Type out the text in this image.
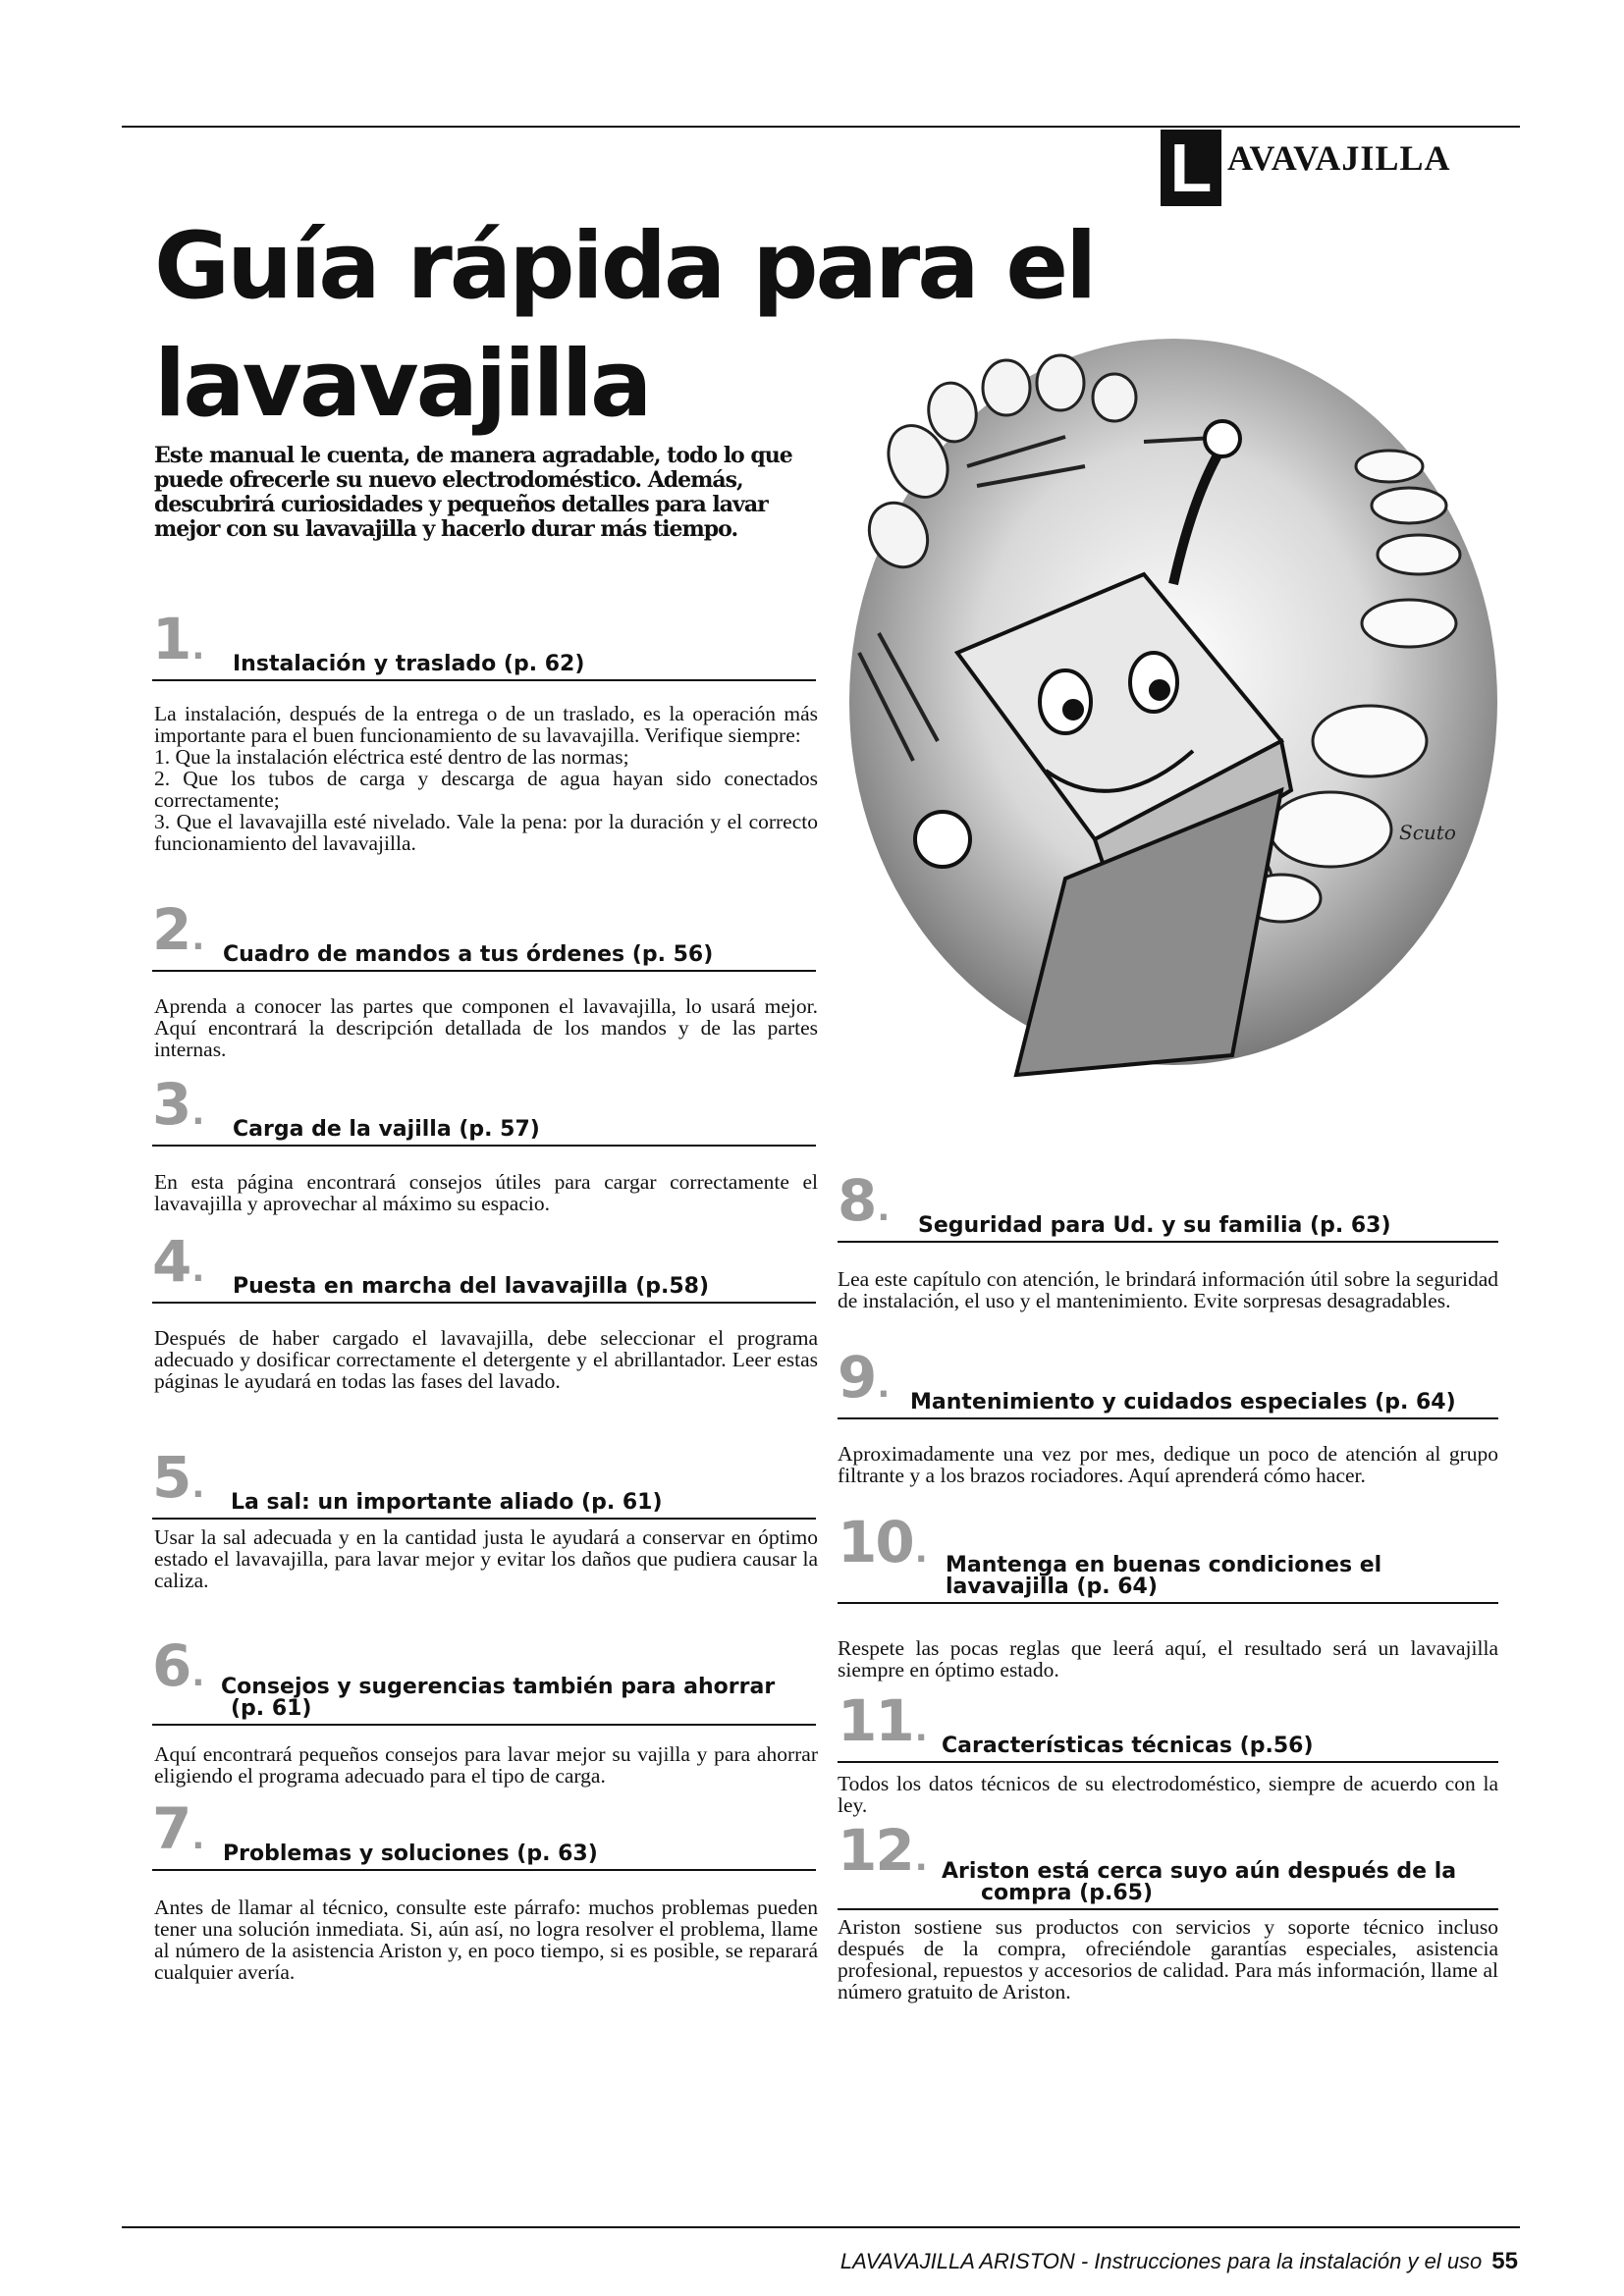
L AVAVAJILLA
Guía rápida para el
lavavajilla
Este manual le cuenta, de manera agradable, todo lo que puede ofrecerle su nuevo electrodoméstico. Además, descubrirá curiosidades y pequeños detalles para lavar mejor con su lavavajilla y hacerlo durar más tiempo.
Scuto
1. Instalación y traslado (p. 62)
La instalación, después de la entrega o de un traslado, es la operación más importante para el buen funcionamiento de su lavavajilla. Verifique siempre:
1. Que la instalación eléctrica esté dentro de las normas;
2. Que los tubos de carga y descarga de agua hayan sido conectados correctamente;
3. Que el lavavajilla esté nivelado. Vale la pena: por la duración y el correcto funcionamiento del lavavajilla.
2. Cuadro de mandos a tus órdenes (p. 56)

Aprenda a conocer las partes que componen el lavavajilla, lo usará mejor. Aquí encontrará la descripción detallada de los mandos y de las partes internas.

3. Carga de la vajilla (p. 57)

En esta página encontrará consejos útiles para cargar correctamente el lavavajilla y aprovechar al máximo su espacio.

4. Puesta en marcha del lavavajilla (p.58)

Después de haber cargado el lavavajilla, debe seleccionar el programa adecuado y dosificar correctamente el detergente y el abrillantador. Leer estas páginas le ayudará en todas las fases del lavado.

5. La sal: un importante aliado (p. 61)

Usar la sal adecuada y en la cantidad justa le ayudará a conservar en óptimo estado el lavavajilla, para lavar mejor y evitar los daños que pudiera causar la caliza.

6. Consejos y sugerencias también para ahorrar
(p. 61)

Aquí encontrará pequeños consejos para lavar mejor su vajilla y para ahorrar eligiendo el programa adecuado para el tipo de carga.

7. Problemas y soluciones (p. 63)

Antes de llamar al técnico, consulte este párrafo: muchos problemas pueden tener una solución inmediata. Si, aún así, no logra resolver el problema, llame al número de la asistencia Ariston y, en poco tiempo, si es posible, se reparará cualquier avería.

8. Seguridad para Ud. y su familia (p. 63)

Lea este capítulo con atención, le brindará información útil sobre la seguridad de instalación, el uso y el mantenimiento. Evite sorpresas desagradables.

9. Mantenimiento y cuidados especiales (p. 64)

Aproximadamente una vez por mes, dedique un poco de atención al grupo filtrante y a los brazos rociadores. Aquí aprenderá cómo hacer.

10. Mantenga en buenas condiciones el
lavavajilla (p. 64)

Respete las pocas reglas que leerá aquí, el resultado será un lavavajilla siempre en óptimo estado.

11. Características técnicas (p.56)

Todos los datos técnicos de su electrodoméstico, siempre de acuerdo con la ley.

12. Ariston está cerca suyo aún después de la
compra (p.65)

Ariston sostiene sus productos con servicios y soporte técnico incluso después de la compra, ofreciéndole garantías especiales, asistencia profesional, repuestos y accesorios de calidad. Para más información, llame al número gratuito de Ariston.

LAVAVAJILLA ARISTON - Instrucciones para la instalación y el uso 55
